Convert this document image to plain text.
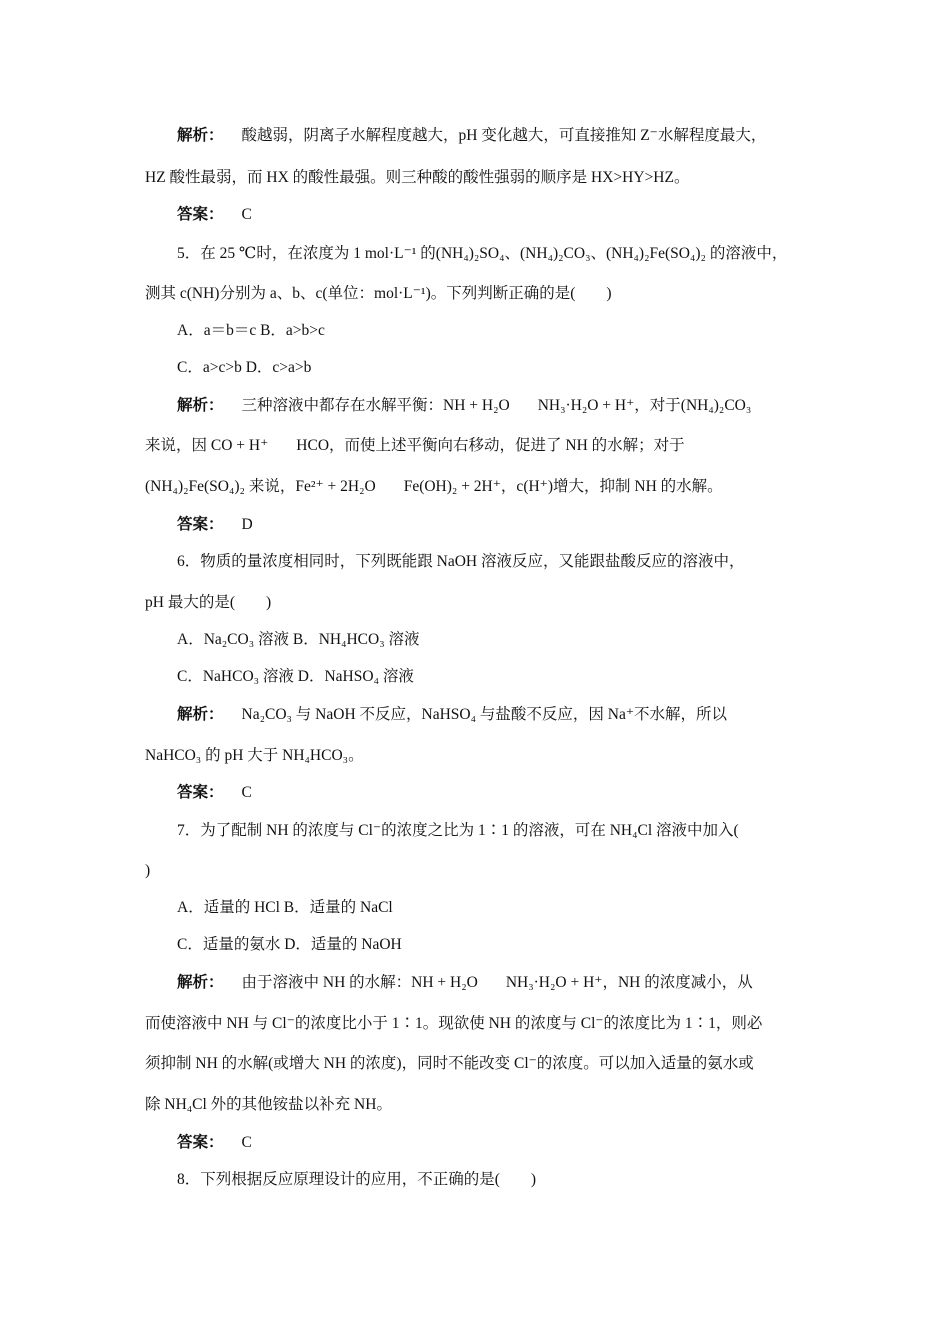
解析： 酸越弱，阴离子水解程度越大，pH 变化越大，可直接推知 Z⁻水解程度最大，
HZ 酸性最弱，而 HX 的酸性最强。则三种酸的酸性强弱的顺序是 HX>HY>HZ。
答案： C
5．在 25 ℃时，在浓度为 1 mol·L⁻¹ 的(NH₄)₂SO₄、(NH₄)₂CO₃、(NH₄)₂Fe(SO₄)₂ 的溶液中，
测其 c(NH)分别为 a、b、c(单位：mol·L⁻¹)。下列判断正确的是(　　)
A．a＝b＝c B．a>b>c
C．a>c>b D．c>a>b
解析： 三种溶液中都存在水解平衡：NH + H₂O NH₃·H₂O + H⁺，对于(NH₄)₂CO₃
来说，因 CO + H⁺ HCO，而使上述平衡向右移动，促进了 NH 的水解；对于
(NH₄)₂Fe(SO₄)₂ 来说，Fe²⁺ + 2H₂O Fe(OH)₂ + 2H⁺，c(H⁺)增大，抑制 NH 的水解。
答案： D
6．物质的量浓度相同时，下列既能跟 NaOH 溶液反应，又能跟盐酸反应的溶液中，
pH 最大的是(　　)
A．Na₂CO₃ 溶液 B．NH₄HCO₃ 溶液
C．NaHCO₃ 溶液 D．NaHSO₄ 溶液
解析： Na₂CO₃ 与 NaOH 不反应，NaHSO₄ 与盐酸不反应，因 Na⁺不水解，所以
NaHCO₃ 的 pH 大于 NH₄HCO₃。
答案： C
7．为了配制 NH 的浓度与 Cl⁻的浓度之比为 1∶1 的溶液，可在 NH₄Cl 溶液中加入(
)
A．适量的 HCl B．适量的 NaCl
C．适量的氨水 D．适量的 NaOH
解析： 由于溶液中 NH 的水解：NH + H₂O NH₃·H₂O + H⁺，NH 的浓度减小，从
而使溶液中 NH 与 Cl⁻的浓度比小于 1∶1。现欲使 NH 的浓度与 Cl⁻的浓度比为 1∶1，则必
须抑制 NH 的水解(或增大 NH 的浓度)，同时不能改变 Cl⁻的浓度。可以加入适量的氨水或
除 NH₄Cl 外的其他铵盐以补充 NH。
答案： C
8．下列根据反应原理设计的应用，不正确的是(　　)
